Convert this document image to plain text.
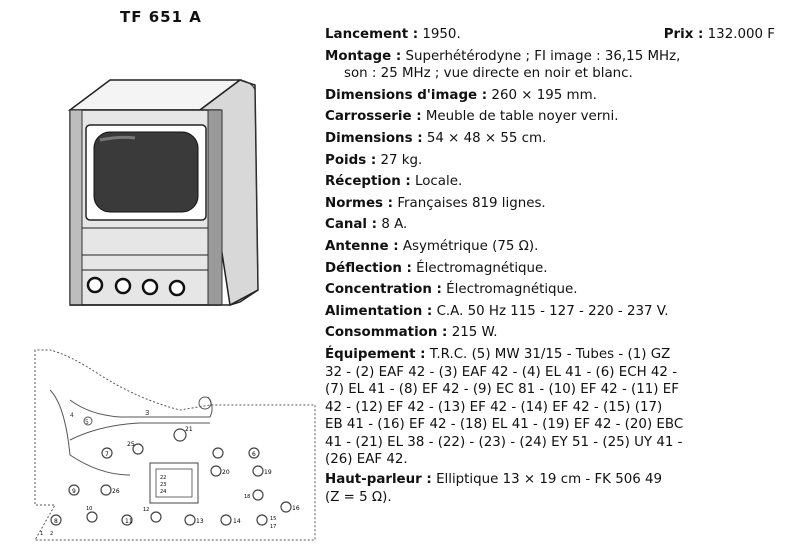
TF 651 A
3
4
5
21
25
7	6
22
23
24
20	19
9	26
18
16
8
10
11
12
13	14	15
17
1 2
Lancement : 1950.	Prix : 132.000 F
Montage : Superhétérodyne ; FI image : 36,15 MHz,
son : 25 MHz ; vue directe en noir et blanc.
Dimensions d'image : 260 × 195 mm.
Carrosserie : Meuble de table noyer verni.
Dimensions : 54 × 48 × 55 cm.
Poids : 27 kg.
Réception : Locale.
Normes : Françaises 819 lignes.
Canal : 8 A.
Antenne : Asymétrique (75 Ω).
Déflection : Électromagnétique.
Concentration : Électromagnétique.
Alimentation : C.A. 50 Hz 115 - 127 - 220 - 237 V.
Consommation : 215 W.
Équipement : T.R.C. (5) MW 31/15 - Tubes - (1) GZ
32 - (2) EAF 42 - (3) EAF 42 - (4) EL 41 - (6) ECH 42 -
(7) EL 41 - (8) EF 42 - (9) EC 81 - (10) EF 42 - (11) EF
42 - (12) EF 42 - (13) EF 42 - (14) EF 42 - (15) (17)
EB 41 - (16) EF 42 - (18) EL 41 - (19) EF 42 - (20) EBC
41 - (21) EL 38 - (22) - (23) - (24) EY 51 - (25) UY 41 -
(26) EAF 42.
Haut-parleur : Elliptique 13 × 19 cm - FK 506 49
(Z = 5 Ω).
